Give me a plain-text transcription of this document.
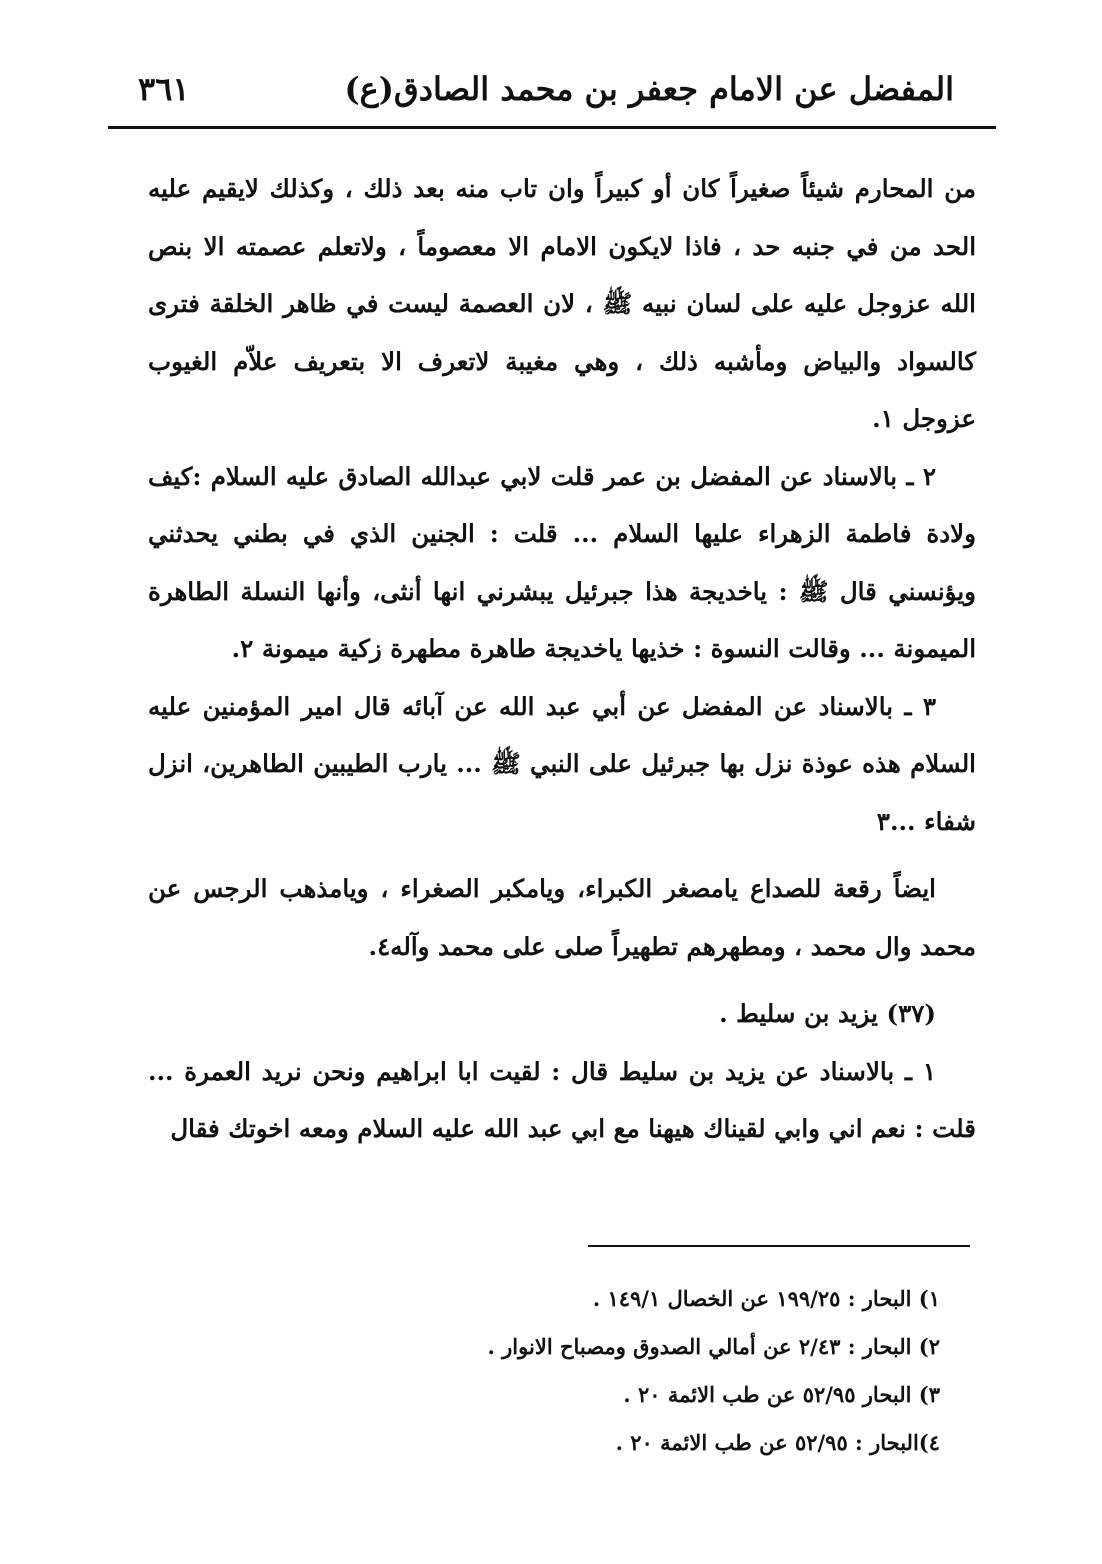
المفضل عن الامام جعفر بن محمد الصادق(ع)
٣٦١

من المحارم شيئاً صغيراً كان أو كبيراً وان تاب منه بعد ذلك ، وكذلك لايقيم عليه الحد من في جنبه حد ، فاذا لايكون الامام الا معصوماً ، ولاتعلم عصمته الا بنص الله عزوجل عليه على لسان نبيه ﷺ ، لان العصمة ليست في ظاهر الخلقة فترى كالسواد والبياض ومأشبه ذلك ، وهي مغيبة لاتعرف الا بتعريف علاّم الغيوب عزوجل ١.

٢ ـ بالاسناد عن المفضل بن عمر قلت لابي عبدالله الصادق عليه السلام :كيف ولادة فاطمة الزهراء عليها السلام ... قلت : الجنين الذي في بطني يحدثني ويؤنسني قال ﷺ : ياخديجة هذا جبرئيل يبشرني انها أنثى، وأنها النسلة الطاهرة الميمونة ... وقالت النسوة : خذيها ياخديجة طاهرة مطهرة زكية ميمونة ٢.

٣ ـ بالاسناد عن المفضل عن أبي عبد الله عن آبائه قال امير المؤمنين عليه السلام هذه عوذة نزل بها جبرئيل على النبي ﷺ ... يارب الطيبين الطاهرين، انزل شفاء ...٣

ايضاً رقعة للصداع يامصغر الكبراء، ويامكبر الصغراء ، ويامذهب الرجس عن محمد وال محمد ، ومطهرهم تطهيراً صلى على محمد وآله٤.

(٣٧) يزيد بن سليط .

١ ـ بالاسناد عن يزيد بن سليط قال : لقيت ابا ابراهيم ونحن نريد العمرة ... قلت : نعم اني وابي لقيناك هيهنا مع ابي عبد الله عليه السلام ومعه اخوتك فقال

١) البحار : ١٩٩/٢٥ عن الخصال ١٤٩/١ .
٢) البحار : ٢/٤٣ عن أمالي الصدوق ومصباح الانوار .
٣) البحار ٥٢/٩٥ عن طب الائمة ٢٠ .
٤)البحار : ٥٢/٩٥ عن طب الائمة ٢٠ .
